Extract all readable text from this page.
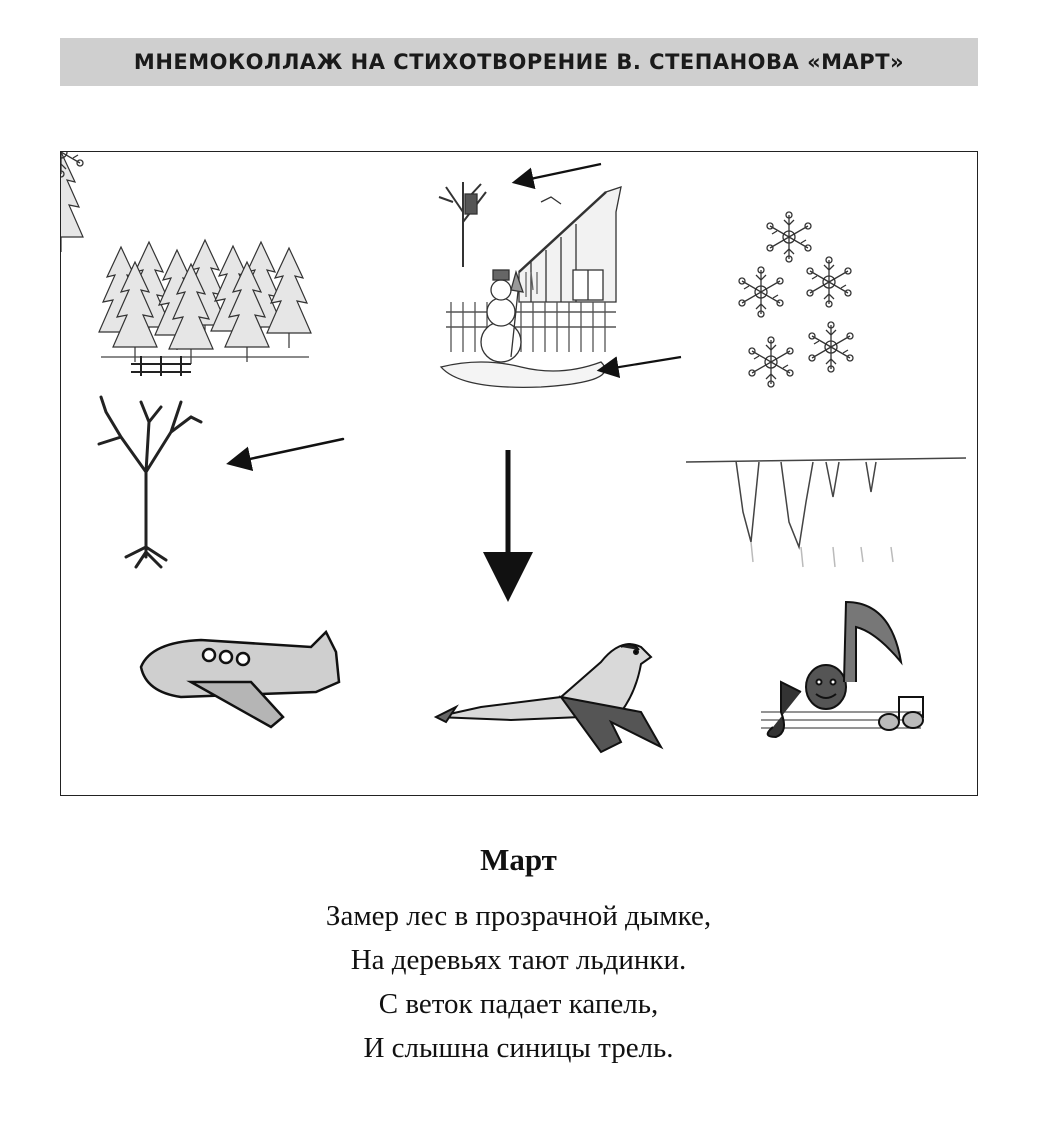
МНЕМОКОЛЛАЖ НА СТИХОТВОРЕНИЕ В. СТЕПАНОВА «МАРТ»

Март

Замер лес в прозрачной дымке,

На деревьях тают льдинки.

С веток падает капель,

И слышна синицы трель.
